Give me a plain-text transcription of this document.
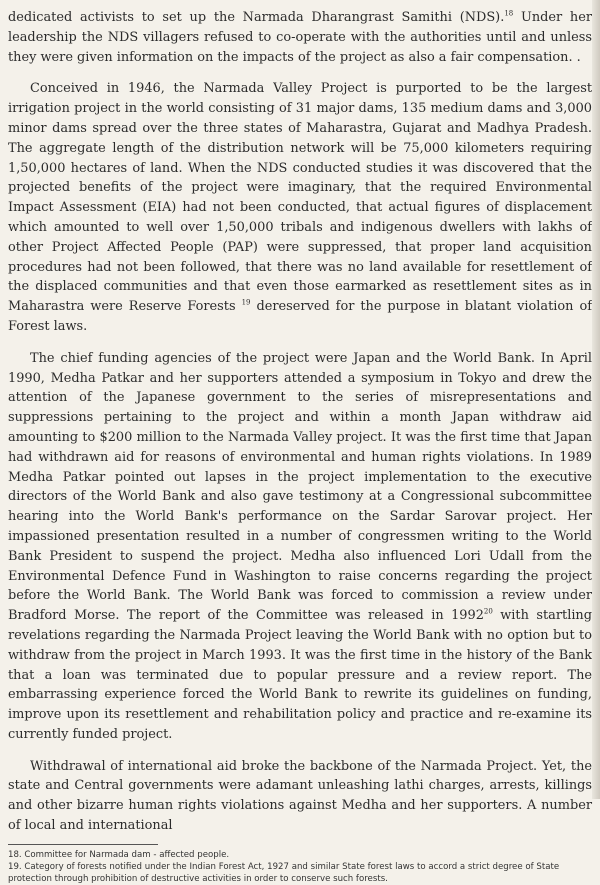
dedicated activists to set up the Narmada Dharangrast Samithi (NDS).$^{18}$ Under her leadership the NDS villagers refused to co-operate with the authorities until and unless they were given information on the impacts of the project as also a fair compensation. .

Conceived in 1946, the Narmada Valley Project is purported to be the largest irrigation project in the world consisting of 31 major dams, 135 medium dams and 3,000 minor dams spread over the three states of Maharastra, Gujarat and Madhya Pradesh. The aggregate length of the distribution network will be 75,000 kilometers requiring 1,50,000 hectares of land. When the NDS conducted studies it was discovered that the projected benefits of the project were imaginary, that the required Environmental Impact Assessment (EIA) had not been conducted, that actual figures of displacement which amounted to well over 1,50,000 tribals and indigenous dwellers with lakhs of other Project Affected People (PAP) were suppressed, that proper land acquisition procedures had not been followed, that there was no land available for resettlement of the displaced communities and that even those earmarked as resettlement sites as in Maharastra were Reserve Forests $^{19}$ dereserved for the purpose in blatant violation of Forest laws.

The chief funding agencies of the project were Japan and the World Bank. In April 1990, Medha Patkar and her supporters attended a symposium in Tokyo and drew the attention of the Japanese government to the series of misrepresentations and suppressions pertaining to the project and within a month Japan withdraw aid amounting to $200 million to the Narmada Valley project. It was the first time that Japan had withdrawn aid for reasons of environmental and human rights violations. In 1989 Medha Patkar pointed out lapses in the project implementation to the executive directors of the World Bank and also gave testimony at a Congressional subcommittee hearing into the World Bank's performance on the Sardar Sarovar project. Her impassioned presentation resulted in a number of congressmen writing to the World Bank President to suspend the project. Medha also influenced Lori Udall from the Environmental Defence Fund in Washington to raise concerns regarding the project before the World Bank. The World Bank was forced to commission a review under Bradford Morse. The report of the Committee was released in 1992$^{20}$ with startling revelations regarding the Narmada Project leaving the World Bank with no option but to withdraw from the project in March 1993. It was the first time in the history of the Bank that a loan was terminated due to popular pressure and a review report. The embarrassing experience forced the World Bank to rewrite its guidelines on funding, improve upon its resettlement and rehabilitation policy and practice and re-examine its currently funded project.

Withdrawal of international aid broke the backbone of the Narmada Project. Yet, the state and Central governments were adamant unleashing lathi charges, arrests, killings and other bizarre human rights violations against Medha and her supporters. A number of local and international

18. Committee for Narmada dam - affected people.

19. Category of forests notified under the Indian Forest Act, 1927 and similar State forest laws to accord a strict degree of State protection through prohibition of destructive activities in order to conserve such forests.
